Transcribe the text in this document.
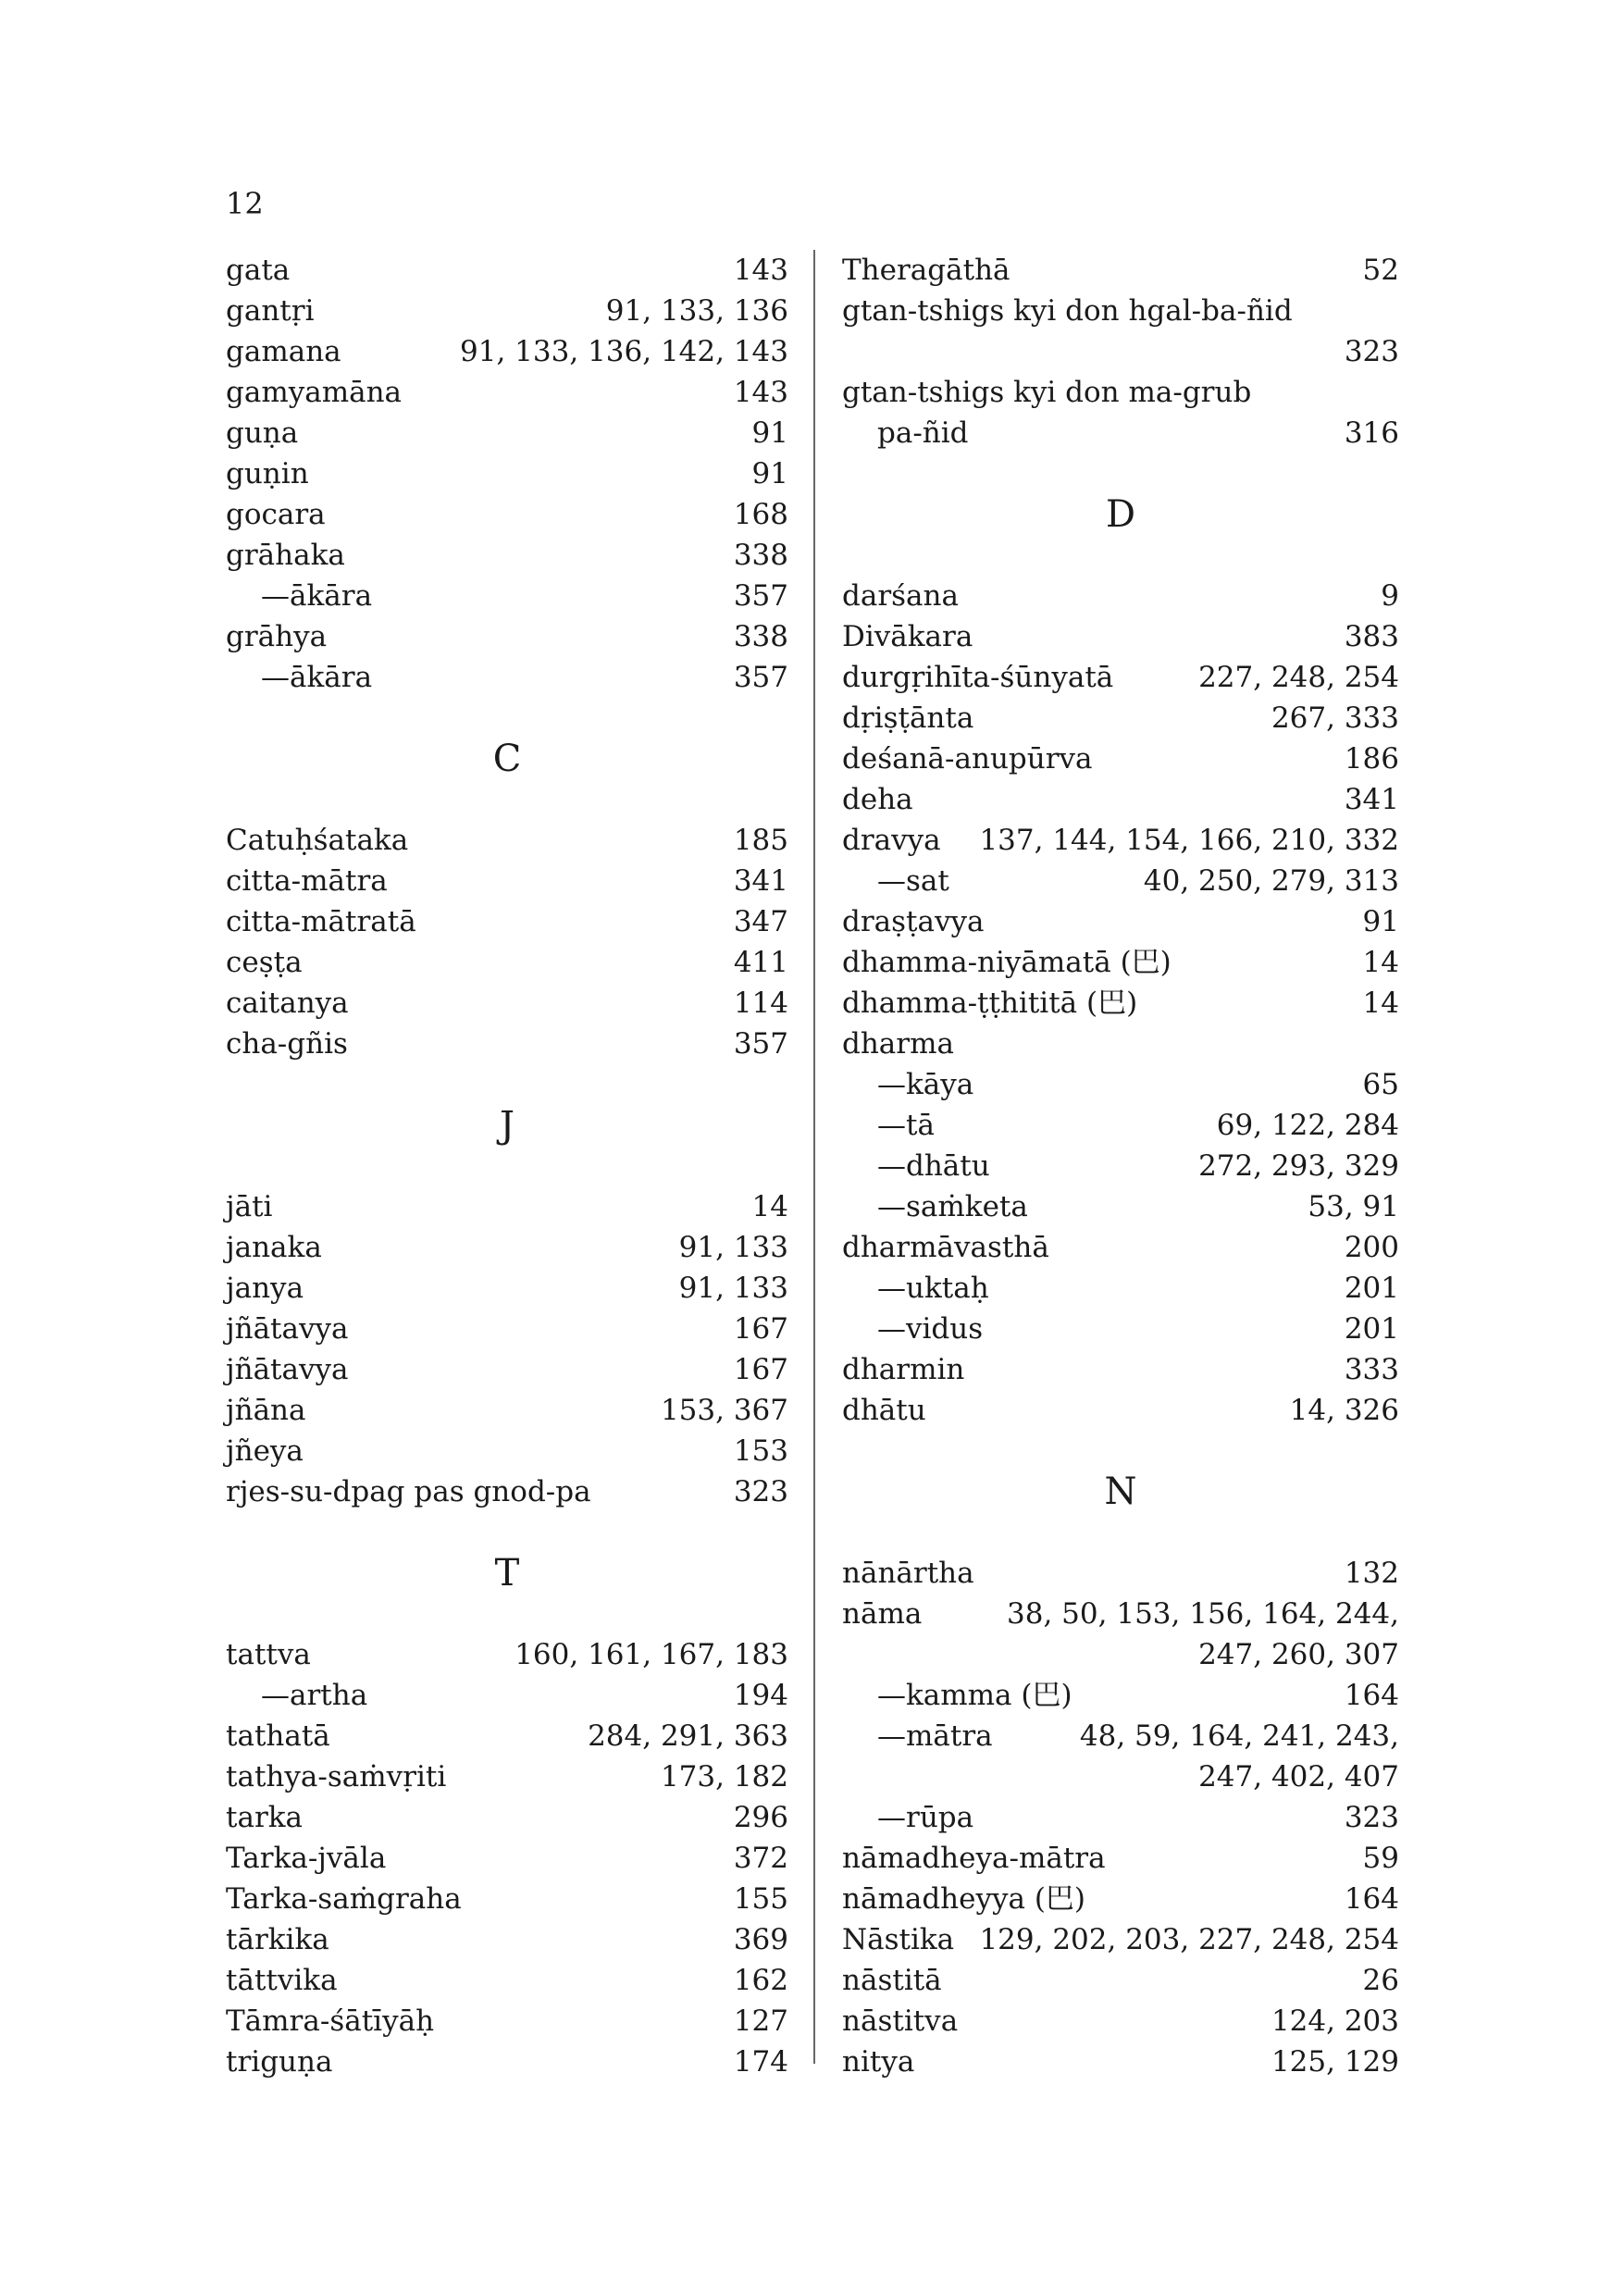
12
gata	143
gantṛi	91, 133, 136
gamana	91, 133, 136, 142, 143
gamyamāna	143
guṇa	91
guṇin	91
gocara	168
grāhaka	338
—ākāra	357
grāhya	338
—ākāra	357
C
Catuḥśataka	185
citta-mātra	341
citta-mātratā	347
ceṣṭa	411
caitanya	114
cha-gñis	357
J
jāti	14
janaka	91, 133
janya	91, 133
jñātavya	167
jñātavya	167
jñāna	153, 367
jñeya	153
rjes-su-dpag pas gnod-pa	323
T
tattva	160, 161, 167, 183
—artha	194
tathatā	284, 291, 363
tathya-saṁvṛiti	173, 182
tarka	296
Tarka-jvāla	372
Tarka-saṁgraha	155
tārkika	369
tāttvika	162
Tāmra-śātīyāḥ	127
triguṇa	174
Theragāthā	52
gtan-tshigs kyi don hgal-ba-ñid
323
gtan-tshigs kyi don ma-grub
pa-ñid	316
D
darśana	9
Divākara	383
durgṛihīta-śūnyatā	227, 248, 254
dṛiṣṭānta	267, 333
deśanā-anupūrva	186
deha	341
dravya 137, 144, 154, 166, 210, 332
—sat	40, 250, 279, 313
draṣṭavya	91
dhamma-niyāmatā (巴)	14
dhamma-ṭṭhititā (巴)	14
dharma
—kāya	65
—tā	69, 122, 284
—dhātu	272, 293, 329
—saṁketa	53, 91
dharmāvasthā	200
—uktaḥ	201
—vidus	201
dharmin	333
dhātu	14, 326
N
nānārtha	132
nāma	38, 50, 153, 156, 164, 244,
247, 260, 307
—kamma (巴)	164
—mātra	48, 59, 164, 241, 243,
247, 402, 407
—rūpa	323
nāmadheya-mātra	59
nāmadheyya (巴)	164
Nāstika 129, 202, 203, 227, 248, 254
nāstitā	26
nāstitva	124, 203
nitya	125, 129
